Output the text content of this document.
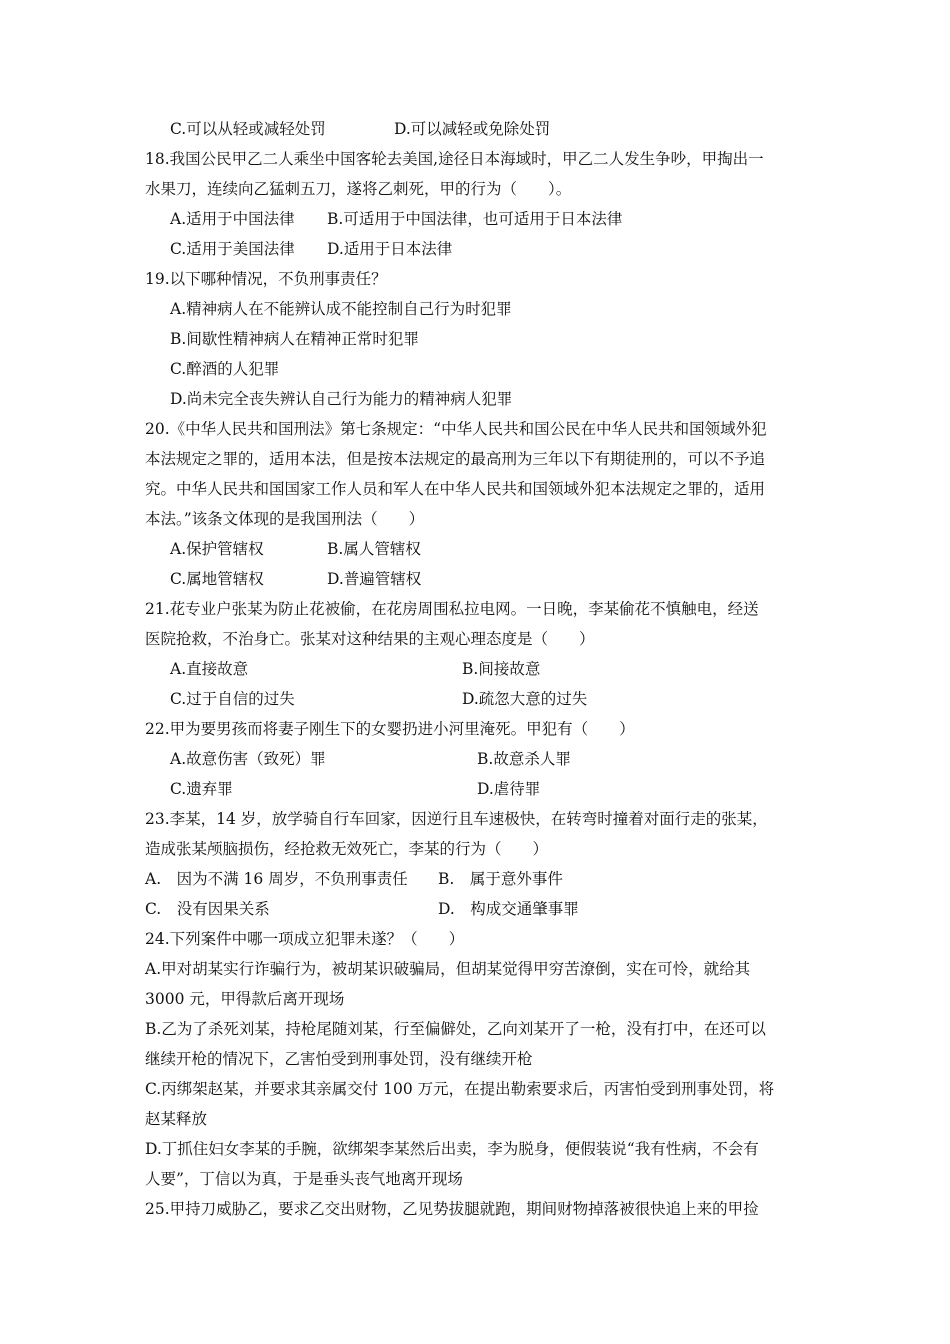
C.可以从轻或减轻处罚	D.可以减轻或免除处罚
18.我国公民甲乙二人乘坐中国客轮去美国,途径日本海域时，甲乙二人发生争吵，甲掏出一
水果刀，连续向乙猛刺五刀，遂将乙刺死，甲的行为（　　）。
A.适用于中国法律 B.可适用于中国法律，也可适用于日本法律
C.适用于美国法律 D.适用于日本法律
19.以下哪种情况，不负刑事责任？
A.精神病人在不能辨认成不能控制自己行为时犯罪
B.间歇性精神病人在精神正常时犯罪
C.醉酒的人犯罪
D.尚未完全丧失辨认自己行为能力的精神病人犯罪
20.《中华人民共和国刑法》第七条规定：“中华人民共和国公民在中华人民共和国领域外犯
本法规定之罪的，适用本法，但是按本法规定的最高刑为三年以下有期徒刑的，可以不予追
究。中华人民共和国国家工作人员和军人在中华人民共和国领域外犯本法规定之罪的，适用
本法。”该条文体现的是我国刑法（　　）
A.保护管辖权	B.属人管辖权
C.属地管辖权	D.普遍管辖权
21.花专业户张某为防止花被偷，在花房周围私拉电网。一日晚，李某偷花不慎触电，经送
医院抢救，不治身亡。张某对这种结果的主观心理态度是（　　）
A.直接故意	B.间接故意
C.过于自信的过失	D.疏忽大意的过失
22.甲为要男孩而将妻子刚生下的女婴扔进小河里淹死。甲犯有（　　）
A.故意伤害（致死）罪	B.故意杀人罪
C.遗弃罪	D.虐待罪
23.李某，14 岁，放学骑自行车回家，因逆行且车速极快，在转弯时撞着对面行走的张某，
造成张某颅脑损伤，经抢救无效死亡，李某的行为（　　）
A.　因为不满 16 周岁，不负刑事责任 B.　属于意外事件
C.　没有因果关系	D.　构成交通肇事罪
24.下列案件中哪一项成立犯罪未遂？（　　）
A.甲对胡某实行诈骗行为，被胡某识破骗局，但胡某觉得甲穷苦潦倒，实在可怜，就给其
3000 元，甲得款后离开现场
B.乙为了杀死刘某，持枪尾随刘某，行至偏僻处，乙向刘某开了一枪，没有打中，在还可以
继续开枪的情况下，乙害怕受到刑事处罚，没有继续开枪
C.丙绑架赵某，并要求其亲属交付 100 万元，在提出勒索要求后，丙害怕受到刑事处罚，将
赵某释放
D.丁抓住妇女李某的手腕，欲绑架李某然后出卖，李为脱身，便假装说“我有性病，不会有
人要”，丁信以为真，于是垂头丧气地离开现场
25.甲持刀威胁乙，要求乙交出财物，乙见势拔腿就跑，期间财物掉落被很快追上来的甲捡
